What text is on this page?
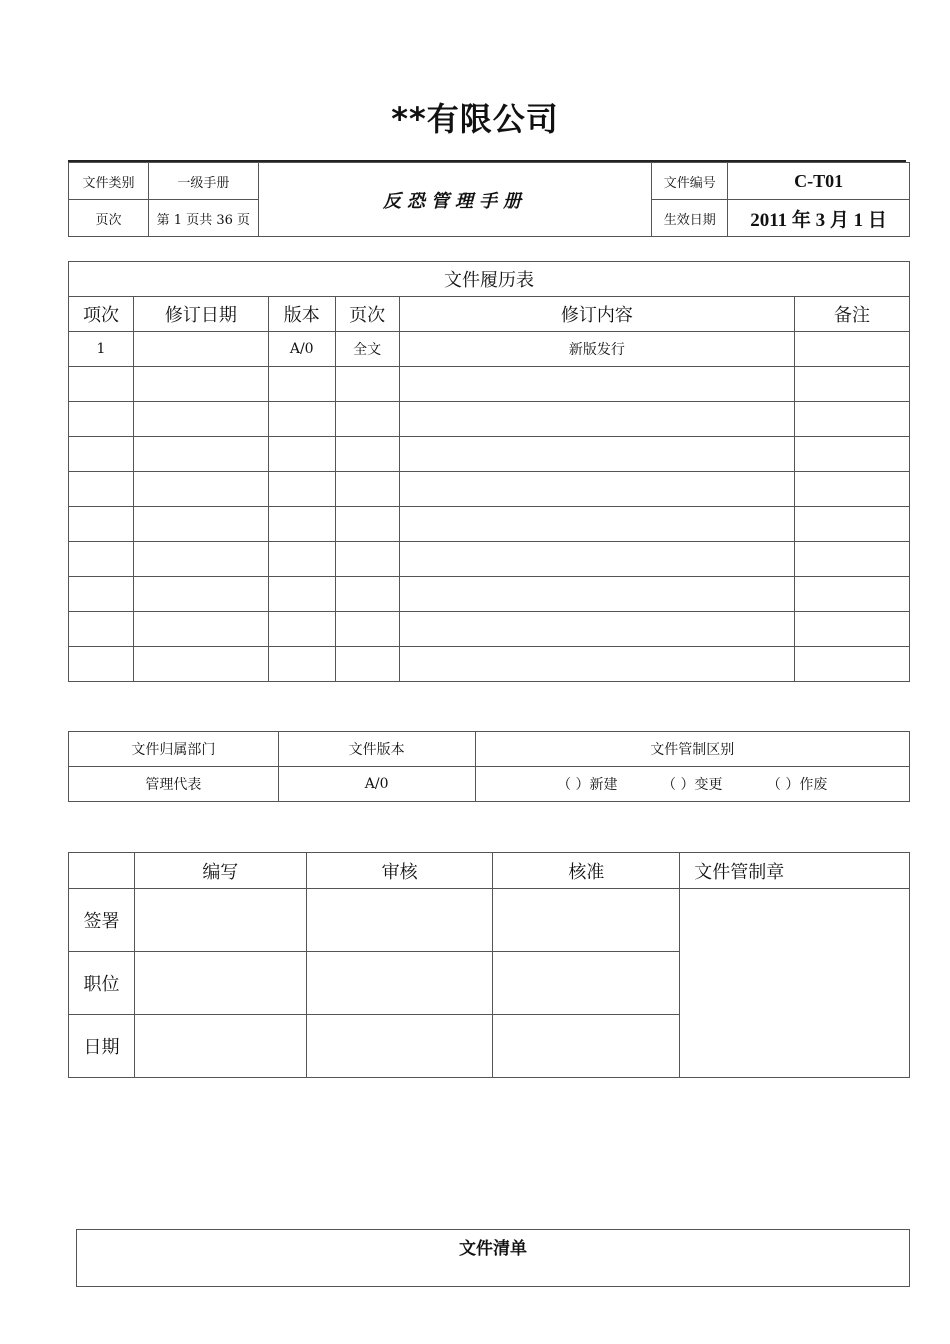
**有限公司
文件类别	一级手册	反恐管理手册	文件编号	C-T01
页次	第 1 页共 36 页		生效日期	2011 年 3 月 1 日
文件履历表					
项次	修订日期	版本	页次	修订内容	备注
1		A/0	全文	新版发行	

文件归属部门	文件版本	文件管制区别
管理代表	A/0	（ ）新建 （ ）变更 （ ）作废
	编写	审核	核准	文件管制章
签署				
职位				
日期				
文件清单
